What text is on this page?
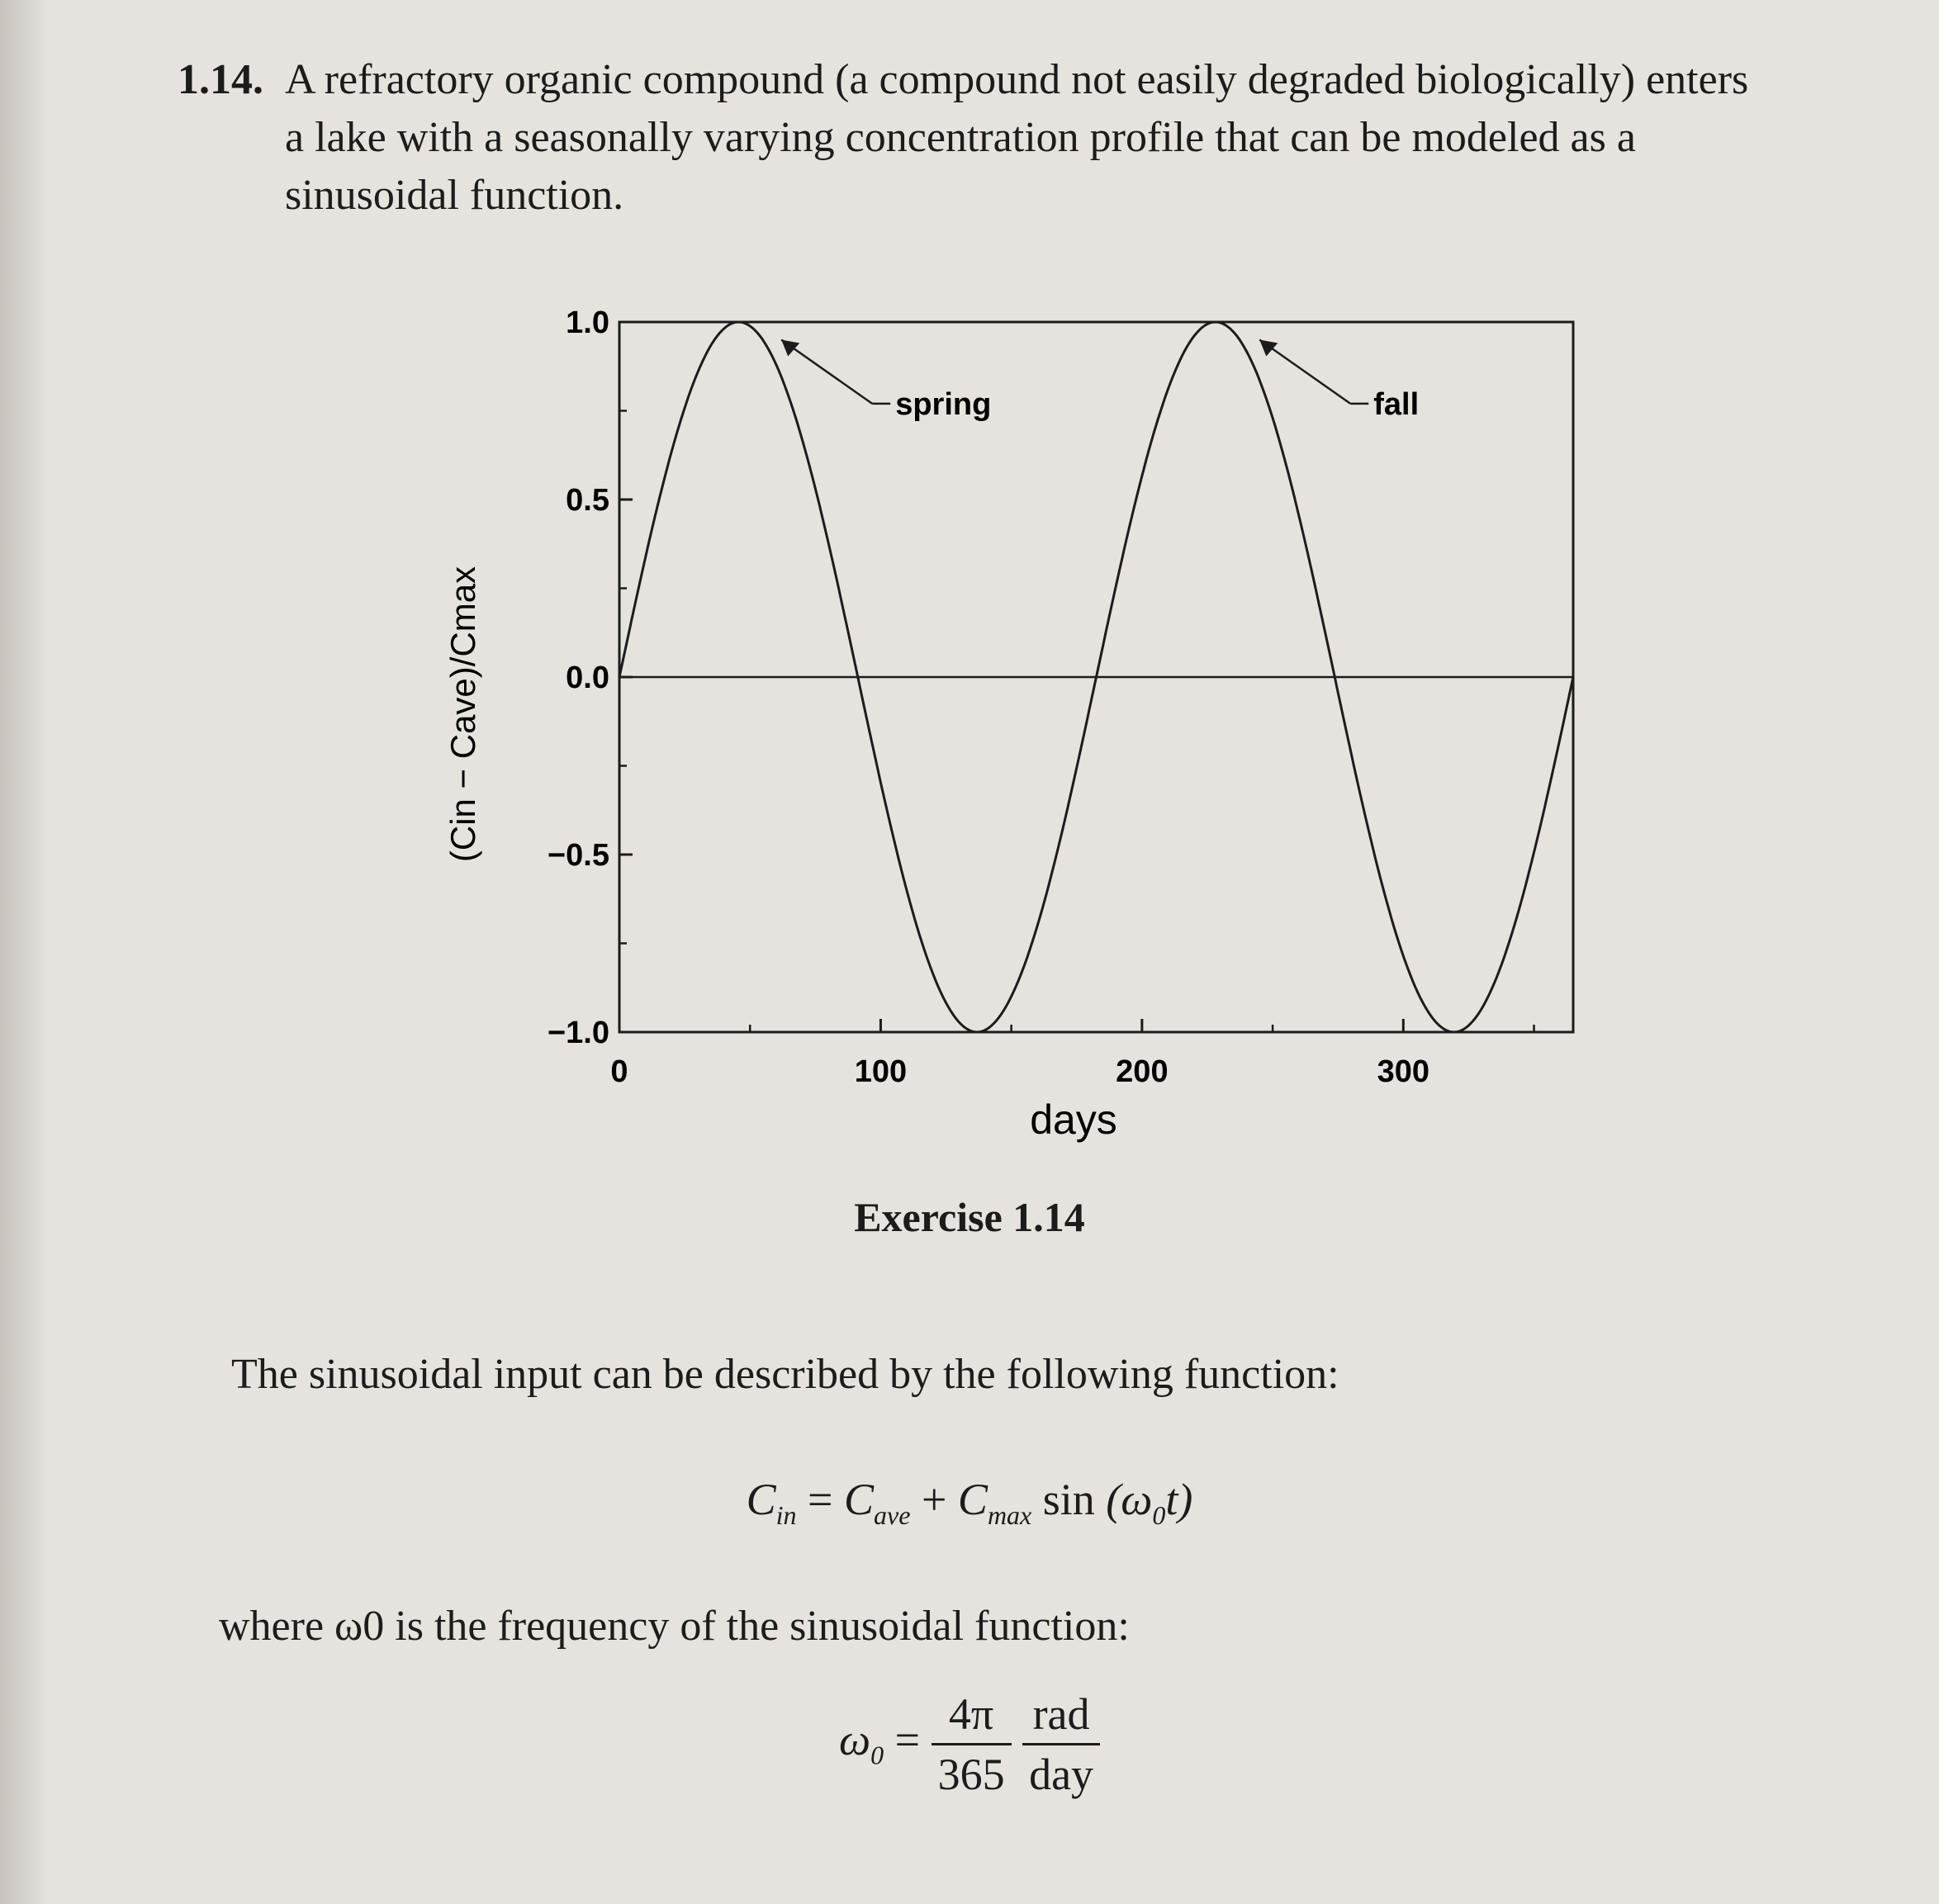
1.14. A refractory organic compound (a compound not easily degraded biologically) enters a lake with a seasonally varying concentration profile that can be modeled as a sinusoidal function.
1.0
0.5
0.0
−0.5
−1.0
0	100	200	300
spring	fall
(Cin − Cave)/Cmax
days
Exercise 1.14
The sinusoidal input can be described by the following function:
$C_{in} = C_{ave} + C_{max}$ $\sin (\omega_0t)$
where ω0 is the frequency of the sinusoidal function:
$\omega_0 = \frac{4\pi}{365}$
$\frac{\text{rad}}{\text{day}}$
